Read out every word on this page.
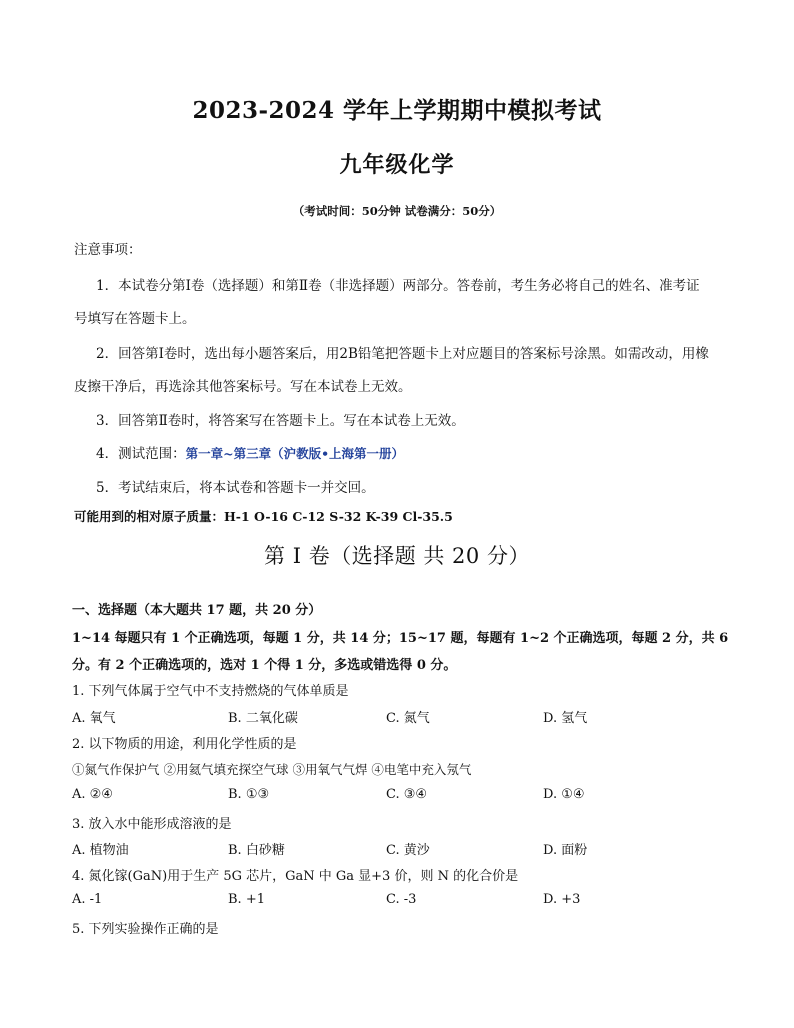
2023-2024 学年上学期期中模拟考试
九年级化学
（考试时间：50分钟 试卷满分：50分）
注意事项：
1．本试卷分第Ⅰ卷（选择题）和第Ⅱ卷（非选择题）两部分。答卷前，考生务必将自己的姓名、准考证
号填写在答题卡上。
2．回答第Ⅰ卷时，选出每小题答案后，用2B铅笔把答题卡上对应题目的答案标号涂黑。如需改动，用橡
皮擦干净后，再选涂其他答案标号。写在本试卷上无效。
3．回答第Ⅱ卷时，将答案写在答题卡上。写在本试卷上无效。
4．测试范围：第一章~第三章（沪教版•上海第一册）
5．考试结束后，将本试卷和答题卡一并交回。
可能用到的相对原子质量：H-1 O-16 C-12 S-32 K-39 Cl-35.5
第 I 卷（选择题 共 20 分）
一、选择题（本大题共 17 题，共 20 分）
1~14 每题只有 1 个正确选项，每题 1 分，共 14 分；15~17 题，每题有 1~2 个正确选项，每题 2 分，共 6
分。有 2 个正确选项的，选对 1 个得 1 分，多选或错选得 0 分。
1. 下列气体属于空气中不支持燃烧的气体单质是
A. 氧气	B. 二氧化碳	C. 氮气	D. 氢气
2. 以下物质的用途，利用化学性质的是
①氮气作保护气 ②用氦气填充探空气球 ③用氧气气焊 ④电笔中充入氖气
A. ②④	B. ①③	C. ③④	D. ①④
3. 放入水中能形成溶液的是
A. 植物油	B. 白砂糖	C. 黄沙	D. 面粉
4. 氮化镓(GaN)用于生产 5G 芯片，GaN 中 Ga 显+3 价，则 N 的化合价是
A. -1	B. +1	C. -3	D. +3
5. 下列实验操作正确的是
